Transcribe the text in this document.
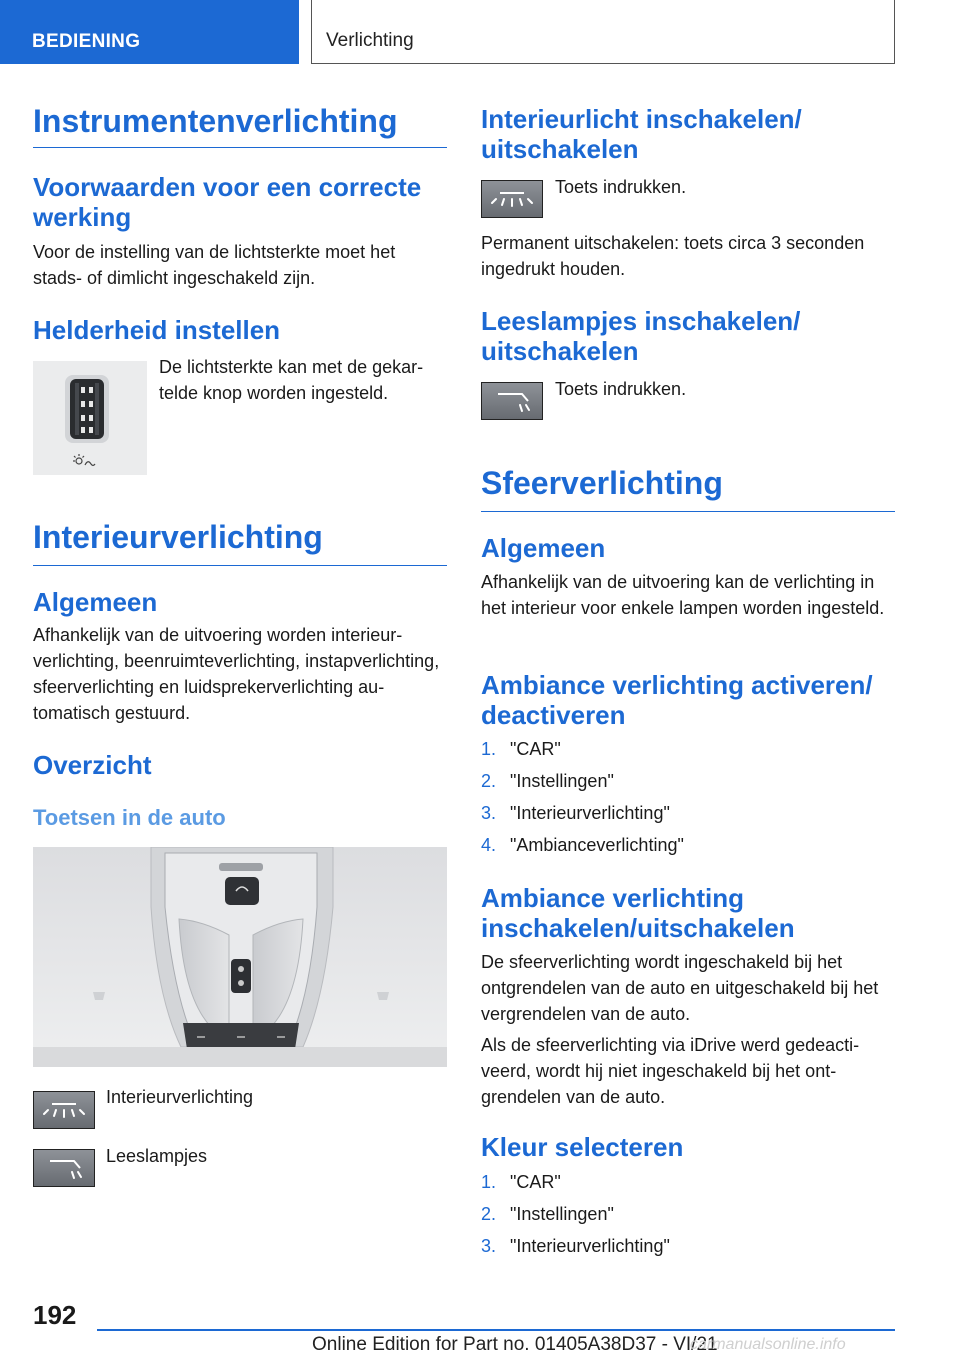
BEDIENING	Verlichting
Instrumentenverlichting
Voorwaarden voor een correcte werking

Voor de instelling van de lichtsterkte moet het stads- of dimlicht ingeschakeld zijn.

Helderheid instellen

De lichtsterkte kan met de gekartelde knop worden ingesteld.

Interieurverlichting
Algemeen

Afhankelijk van de uitvoering worden interieurverlichting, beenruimteverlichting, instapverlichting, sfeerverlichting en luidsprekerverlichting automatisch gestuurd.

Overzicht
Toetsen in de auto

Interieurverlichting

Leeslampjes

Interieurlicht inschakelen/ uitschakelen

Toets indrukken.

Permanent uitschakelen: toets circa 3 seconden ingedrukt houden.

Leeslampjes inschakelen/ uitschakelen

Toets indrukken.

Sfeerverlichting
Algemeen

Afhankelijk van de uitvoering kan de verlichting in het interieur voor enkele lampen worden ingesteld.

Ambiance verlichting activeren/ deactiveren
1. "CAR"
2. "Instellingen"
3. "Interieurverlichting"
4. "Ambianceverlichting"
Ambiance verlichting inschakelen/uitschakelen

De sfeerverlichting wordt ingeschakeld bij het ontgrendelen van de auto en uitgeschakeld bij het vergrendelen van de auto.

Als de sfeerverlichting via iDrive werd gedeactiveerd, wordt hij niet ingeschakeld bij het ontgrendelen van de auto.

Kleur selecteren
1. "CAR"
2. "Instellingen"
3. "Interieurverlichting"
192
Online Edition for Part no. 01405A38D37 - VI/21
carmanualsonline.info
